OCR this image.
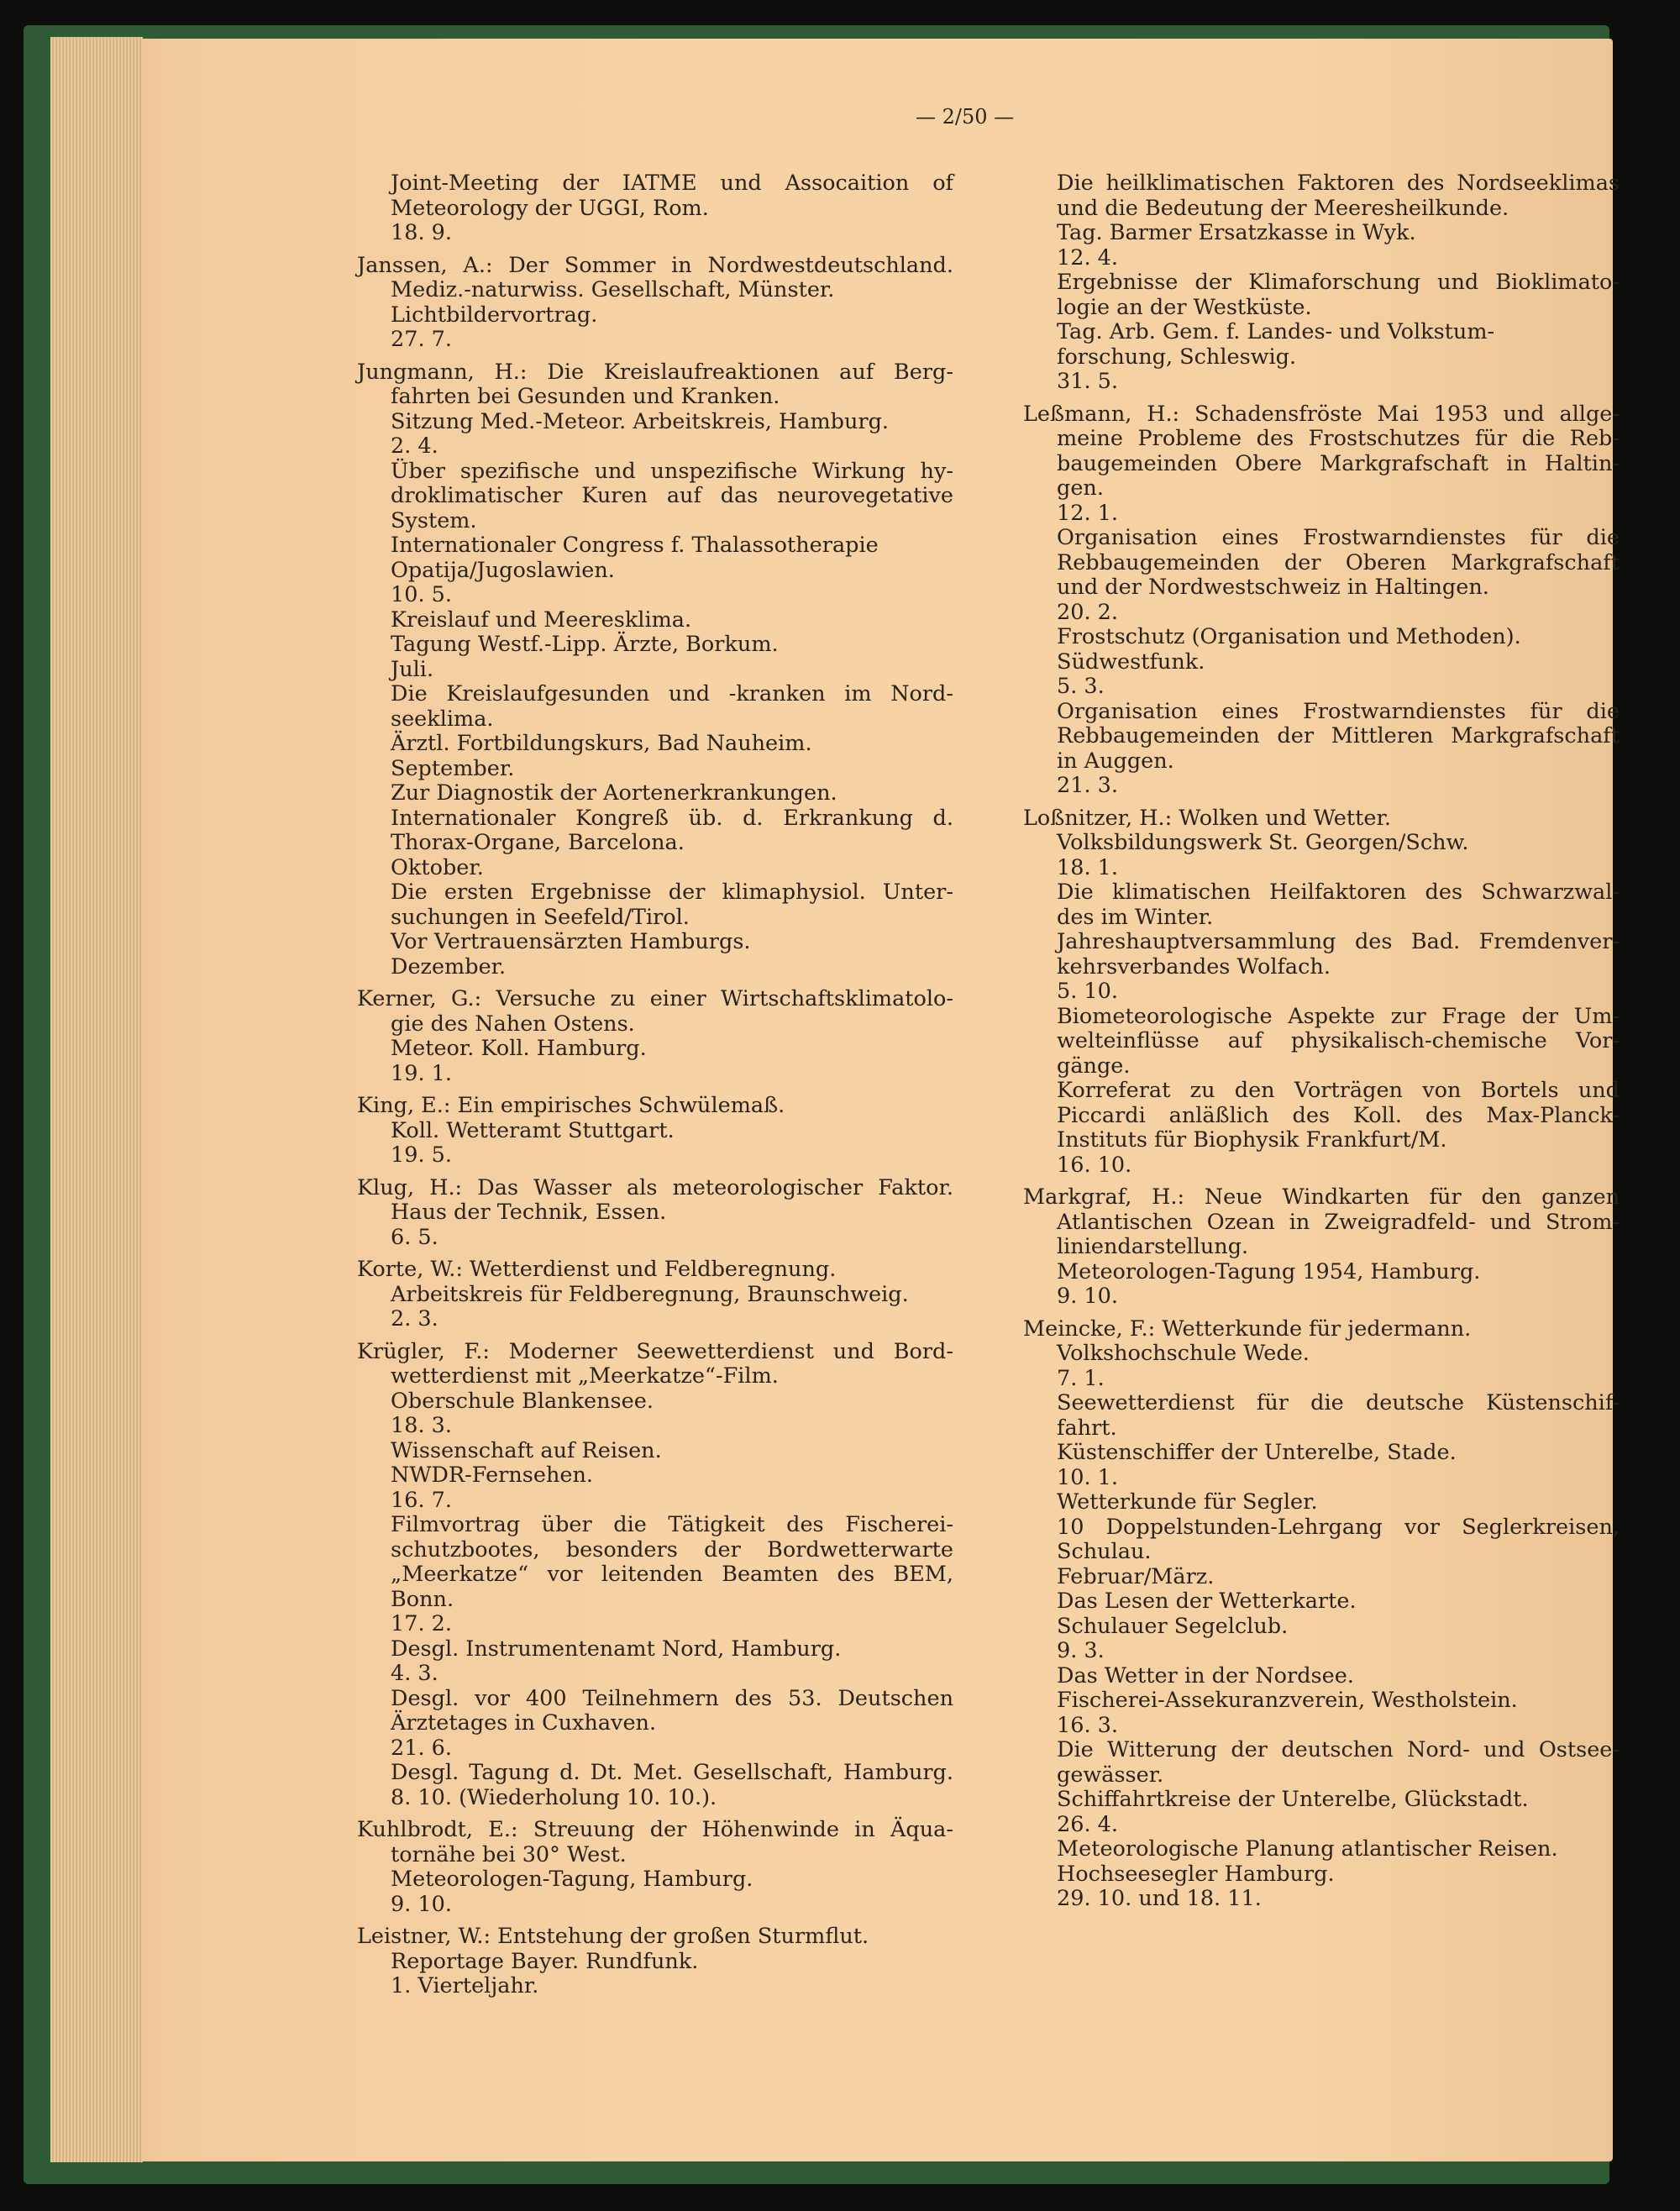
— 2/50 —
Joint-Meeting der IATME und Assocaition of
Meteorology der UGGI, Rom.
18. 9.
Janssen, A.: Der Sommer in Nordwestdeutschland.
Mediz.-naturwiss. Gesellschaft, Münster.
Lichtbildervortrag.
27. 7.
Jungmann, H.: Die Kreislaufreaktionen auf Berg-
fahrten bei Gesunden und Kranken.
Sitzung Med.-Meteor. Arbeitskreis, Hamburg.
2. 4.
Über spezifische und unspezifische Wirkung hy-
droklimatischer Kuren auf das neurovegetative
System.
Internationaler Congress f. Thalassotherapie
Opatija/Jugoslawien.
10. 5.
Kreislauf und Meeresklima.
Tagung Westf.-Lipp. Ärzte, Borkum.
Juli.
Die Kreislaufgesunden und -kranken im Nord-
seeklima.
Ärztl. Fortbildungskurs, Bad Nauheim.
September.
Zur Diagnostik der Aortenerkrankungen.
Internationaler Kongreß üb. d. Erkrankung d.
Thorax-Organe, Barcelona.
Oktober.
Die ersten Ergebnisse der klimaphysiol. Unter-
suchungen in Seefeld/Tirol.
Vor Vertrauensärzten Hamburgs.
Dezember.
Kerner, G.: Versuche zu einer Wirtschaftsklimatolo-
gie des Nahen Ostens.
Meteor. Koll. Hamburg.
19. 1.
King, E.: Ein empirisches Schwülemaß.
Koll. Wetteramt Stuttgart.
19. 5.
Klug, H.: Das Wasser als meteorologischer Faktor.
Haus der Technik, Essen.
6. 5.
Korte, W.: Wetterdienst und Feldberegnung.
Arbeitskreis für Feldberegnung, Braunschweig.
2. 3.
Krügler, F.: Moderner Seewetterdienst und Bord-
wetterdienst mit „Meerkatze“-Film.
Oberschule Blankensee.
18. 3.
Wissenschaft auf Reisen.
NWDR-Fernsehen.
16. 7.
Filmvortrag über die Tätigkeit des Fischerei-
schutzbootes, besonders der Bordwetterwarte
„Meerkatze“ vor leitenden Beamten des BEM,
Bonn.
17. 2.
Desgl. Instrumentenamt Nord, Hamburg.
4. 3.
Desgl. vor 400 Teilnehmern des 53. Deutschen
Ärztetages in Cuxhaven.
21. 6.
Desgl. Tagung d. Dt. Met. Gesellschaft, Hamburg.
8. 10. (Wiederholung 10. 10.).
Kuhlbrodt, E.: Streuung der Höhenwinde in Äqua-
tornähe bei 30° West.
Meteorologen-Tagung, Hamburg.
9. 10.
Leistner, W.: Entstehung der großen Sturmflut.
Reportage Bayer. Rundfunk.
1. Vierteljahr.
Die heilklimatischen Faktoren des Nordseeklimas
und die Bedeutung der Meeresheilkunde.
Tag. Barmer Ersatzkasse in Wyk.
12. 4.
Ergebnisse der Klimaforschung und Bioklimato-
logie an der Westküste.
Tag. Arb. Gem. f. Landes- und Volkstum-
forschung, Schleswig.
31. 5.
Leßmann, H.: Schadensfröste Mai 1953 und allge-
meine Probleme des Frostschutzes für die Reb-
baugemeinden Obere Markgrafschaft in Haltin-
gen.
12. 1.
Organisation eines Frostwarndienstes für die
Rebbaugemeinden der Oberen Markgrafschaft
und der Nordwestschweiz in Haltingen.
20. 2.
Frostschutz (Organisation und Methoden).
Südwestfunk.
5. 3.
Organisation eines Frostwarndienstes für die
Rebbaugemeinden der Mittleren Markgrafschaft
in Auggen.
21. 3.
Loßnitzer, H.: Wolken und Wetter.
Volksbildungswerk St. Georgen/Schw.
18. 1.
Die klimatischen Heilfaktoren des Schwarzwal-
des im Winter.
Jahreshauptversammlung des Bad. Fremdenver-
kehrsverbandes Wolfach.
5. 10.
Biometeorologische Aspekte zur Frage der Um-
welteinflüsse auf physikalisch-chemische Vor-
gänge.
Korreferat zu den Vorträgen von Bortels und
Piccardi anläßlich des Koll. des Max-Planck-
Instituts für Biophysik Frankfurt/M.
16. 10.
Markgraf, H.: Neue Windkarten für den ganzen
Atlantischen Ozean in Zweigradfeld- und Strom-
liniendarstellung.
Meteorologen-Tagung 1954, Hamburg.
9. 10.
Meincke, F.: Wetterkunde für jedermann.
Volkshochschule Wede.
7. 1.
Seewetterdienst für die deutsche Küstenschif-
fahrt.
Küstenschiffer der Unterelbe, Stade.
10. 1.
Wetterkunde für Segler.
10 Doppelstunden-Lehrgang vor Seglerkreisen,
Schulau.
Februar/März.
Das Lesen der Wetterkarte.
Schulauer Segelclub.
9. 3.
Das Wetter in der Nordsee.
Fischerei-Assekuranzverein, Westholstein.
16. 3.
Die Witterung der deutschen Nord- und Ostsee-
gewässer.
Schiffahrtkreise der Unterelbe, Glückstadt.
26. 4.
Meteorologische Planung atlantischer Reisen.
Hochseesegler Hamburg.
29. 10. und 18. 11.
